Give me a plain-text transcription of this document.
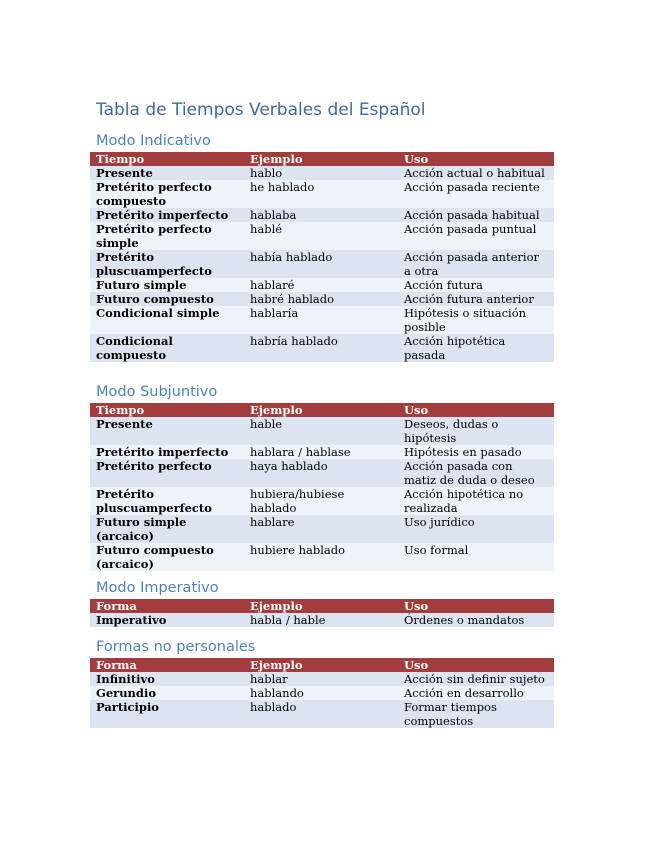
Tabla de Tiempos Verbales del Español
Modo Indicativo
Tiempo	Ejemplo	Uso
Presente	hablo	Acción actual o habitual
Pretérito perfecto compuesto	he hablado	Acción pasada reciente
Pretérito imperfecto	hablaba	Acción pasada habitual
Pretérito perfecto simple	hablé	Acción pasada puntual
Pretérito pluscuamperfecto	había hablado	Acción pasada anterior a otra
Futuro simple	hablaré	Acción futura
Futuro compuesto	habré hablado	Acción futura anterior
Condicional simple	hablaría	Hipótesis o situación posible
Condicional compuesto	habría hablado	Acción hipotética pasada
Modo Subjuntivo
Tiempo	Ejemplo	Uso
Presente	hable	Deseos, dudas o hipótesis
Pretérito imperfecto	hablara / hablase	Hipótesis en pasado
Pretérito perfecto	haya hablado	Acción pasada con matiz de duda o deseo
Pretérito pluscuamperfecto	hubiera/hubiese hablado	Acción hipotética no realizada
Futuro simple (arcaico)	hablare	Uso jurídico
Futuro compuesto (arcaico)	hubiere hablado	Uso formal
Modo Imperativo
Forma	Ejemplo	Uso
Imperativo	habla / hable	Órdenes o mandatos
Formas no personales
Forma	Ejemplo	Uso
Infinitivo	hablar	Acción sin definir sujeto
Gerundio	hablando	Acción en desarrollo
Participio	hablado	Formar tiempos compuestos
